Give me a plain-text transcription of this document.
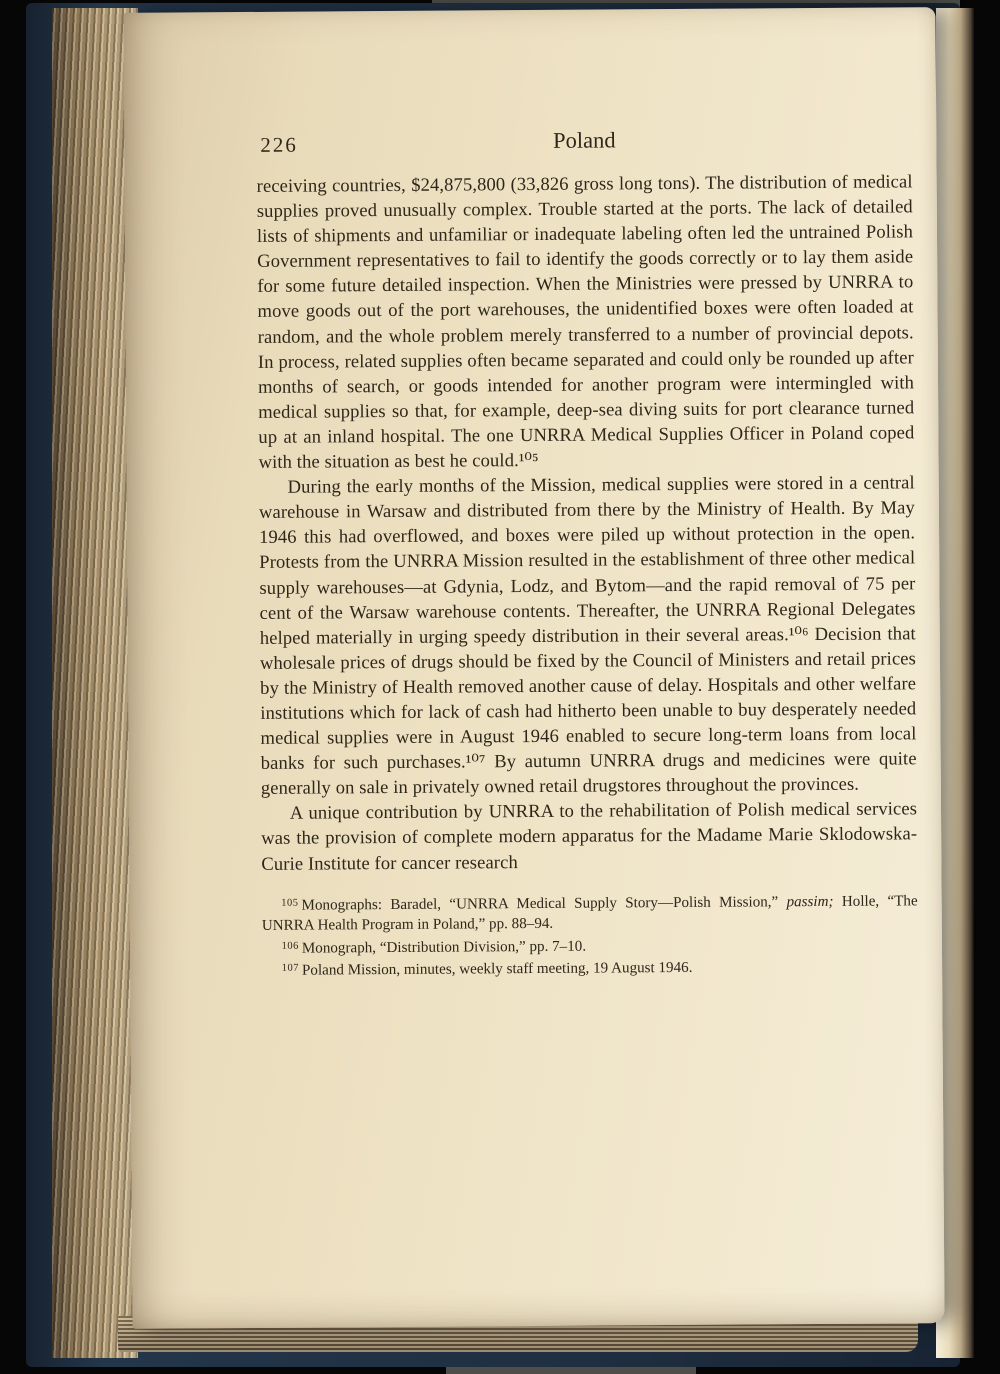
226	Poland

receiving countries, $24,875,800 (33,826 gross long tons). The distribution of medical supplies proved unusually complex. Trouble started at the ports. The lack of detailed lists of shipments and unfamiliar or inadequate labeling often led the untrained Polish Government representatives to fail to identify the goods correctly or to lay them aside for some future detailed inspection. When the Ministries were pressed by UNRRA to move goods out of the port warehouses, the unidentified boxes were often loaded at random, and the whole problem merely transferred to a number of provincial depots. In process, related supplies often became separated and could only be rounded up after months of search, or goods intended for another program were intermingled with medical supplies so that, for example, deep-sea diving suits for port clearance turned up at an inland hospital. The one UNRRA Medical Supplies Officer in Poland coped with the situation as best he could.¹⁰⁵

During the early months of the Mission, medical supplies were stored in a central warehouse in Warsaw and distributed from there by the Ministry of Health. By May 1946 this had overflowed, and boxes were piled up without protection in the open. Protests from the UNRRA Mission resulted in the establishment of three other medical supply warehouses—at Gdynia, Lodz, and Bytom—and the rapid removal of 75 per cent of the Warsaw warehouse contents. Thereafter, the UNRRA Regional Delegates helped materially in urging speedy distribution in their several areas.¹⁰⁶ Decision that wholesale prices of drugs should be fixed by the Council of Ministers and retail prices by the Ministry of Health removed another cause of delay. Hospitals and other welfare institutions which for lack of cash had hitherto been unable to buy desperately needed medical supplies were in August 1946 enabled to secure long-term loans from local banks for such purchases.¹⁰⁷ By autumn UNRRA drugs and medicines were quite generally on sale in privately owned retail drugstores throughout the provinces.

A unique contribution by UNRRA to the rehabilitation of Polish medical services was the provision of complete modern apparatus for the Madame Marie Sklodowska-Curie Institute for cancer research

$^{105}$ Monographs: Baradel, “UNRRA Medical Supply Story—Polish Mission,” passim; Holle, “The UNRRA Health Program in Poland,” pp. 88–94.

$^{106}$ Monograph, “Distribution Division,” pp. 7–10.

$^{107}$ Poland Mission, minutes, weekly staff meeting, 19 August 1946.
